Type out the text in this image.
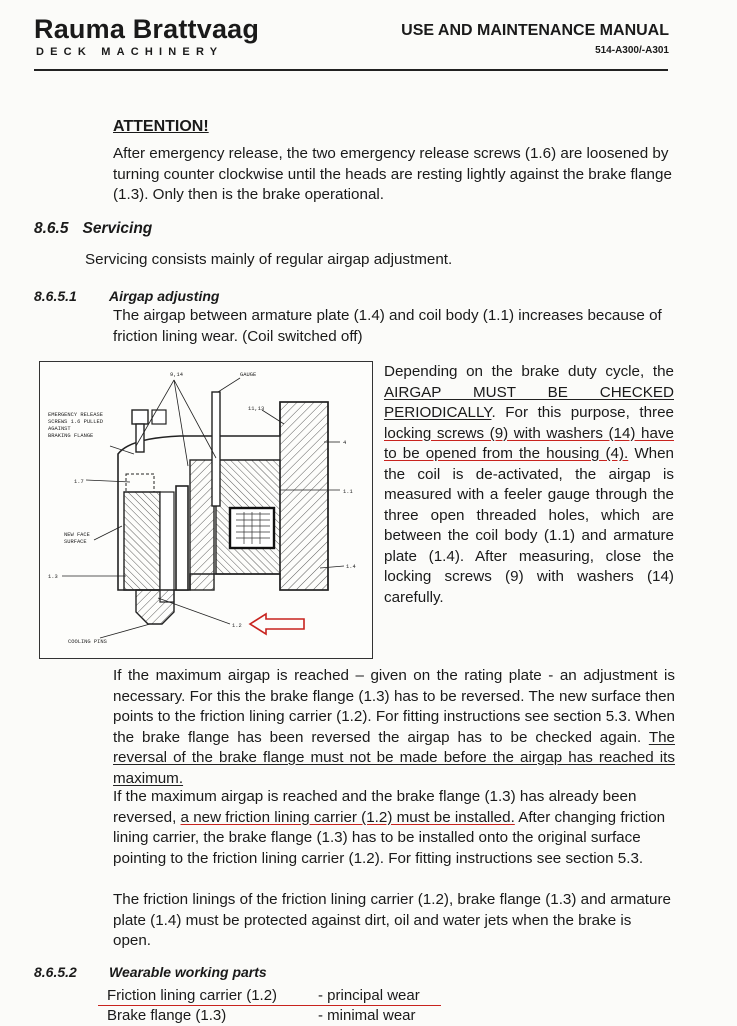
Rauma Brattvaag
DECK MACHINERY
USE AND MAINTENANCE MANUAL
514-A300/-A301
ATTENTION!
After emergency release, the two emergency release screws (1.6) are loosened by turning counter clockwise until the heads are resting lightly against the brake flange (1.3). Only then is the brake operational.
8.6.5 Servicing
Servicing consists mainly of regular airgap adjustment.
8.6.5.1 Airgap adjusting
The airgap between armature plate (1.4) and coil body (1.1) increases because of friction lining wear. (Coil switched off)
9,14	GAUGE
11,13
4
EMERGENCY RELEASE
SCREWS 1.6 PULLED
AGAINST
BRAKING FLANGE
1.7
1.1
NEW FACE
SURFACE
1.4
1.3
1.2
COOLING PINS
Depending on the brake duty cycle, the AIRGAP MUST BE CHECKED PERIODICALLY. For this purpose, three locking screws (9) with washers (14) have to be opened from the housing (4). When the coil is de-activated, the airgap is measured with a feeler gauge through the three open threaded holes, which are between the coil body (1.1) and armature plate (1.4). After measuring, close the locking screws (9) with washers (14) carefully.
If the maximum airgap is reached – given on the rating plate - an adjustment is necessary. For this the brake flange (1.3) has to be reversed. The new surface then points to the friction lining carrier (1.2). For fitting instructions see section 5.3. When the brake flange has been reversed the airgap has to be checked again. The reversal of the brake flange must not be made before the airgap has reached its maximum.
If the maximum airgap is reached and the brake flange (1.3) has already been reversed, a new friction lining carrier (1.2) must be installed. After changing friction lining carrier, the brake flange (1.3) has to be installed onto the original surface pointing to the friction lining carrier (1.2). For fitting instructions see section 5.3.
The friction linings of the friction lining carrier (1.2), brake flange (1.3) and armature plate (1.4) must be protected against dirt, oil and water jets when the brake is open.
8.6.5.2 Wearable working parts
Friction lining carrier (1.2)	- principal wear
Brake flange (1.3)	- minimal wear
